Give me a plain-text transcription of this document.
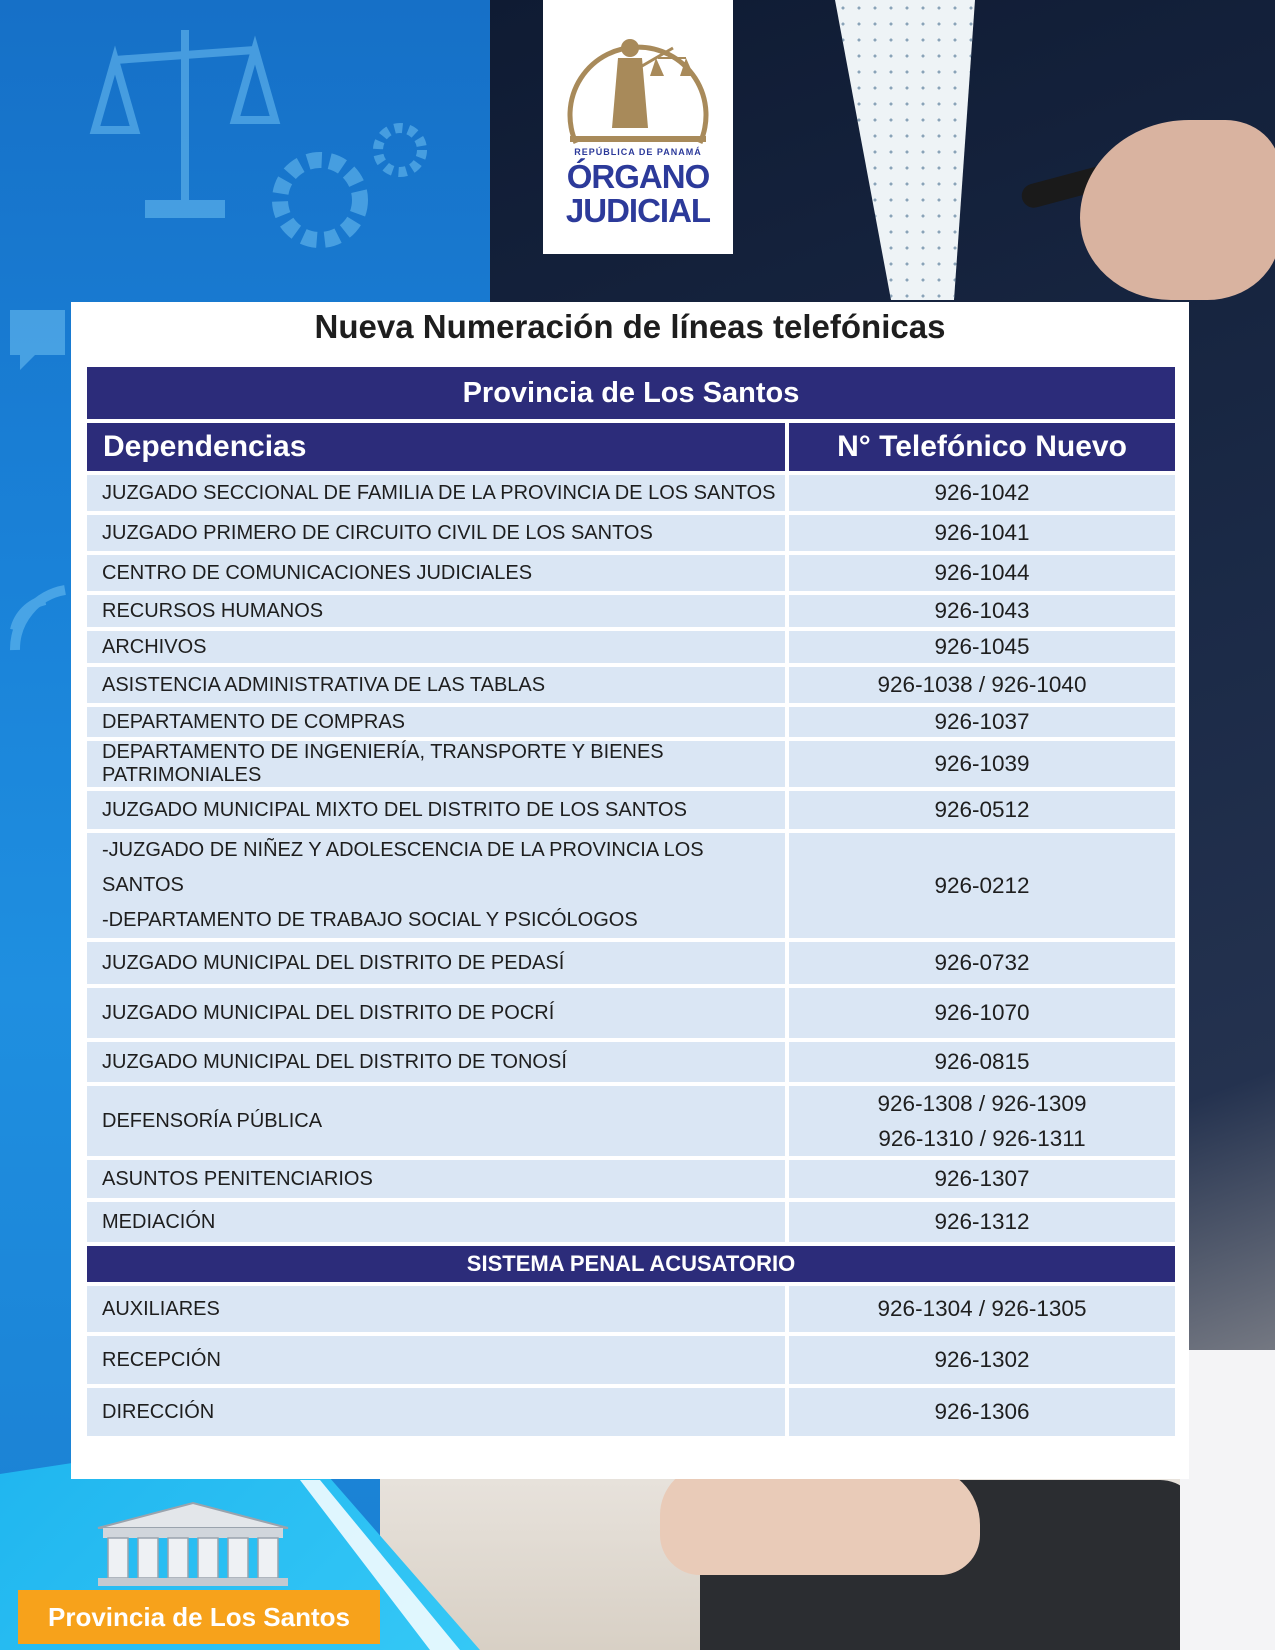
REPÚBLICA DE PANAMÁ
ÓRGANO
JUDICIAL
Nueva Numeración de líneas telefónicas
Provincia de Los Santos	
Dependencias	N° Telefónico Nuevo

JUZGADO SECCIONAL DE FAMILIA DE LA PROVINCIA DE LOS SANTOS	926-1042

JUZGADO PRIMERO DE CIRCUITO CIVIL DE LOS SANTOS	926-1041

CENTRO DE COMUNICACIONES JUDICIALES	926-1044

RECURSOS HUMANOS	926-1043

ARCHIVOS	926-1045

ASISTENCIA ADMINISTRATIVA DE LAS TABLAS	926-1038 / 926-1040

DEPARTAMENTO DE COMPRAS	926-1037

DEPARTAMENTO DE INGENIERÍA, TRANSPORTE Y BIENES PATRIMONIALES	926-1039

JUZGADO MUNICIPAL MIXTO DEL DISTRITO DE LOS SANTOS	926-0512

-JUZGADO DE NIÑEZ Y ADOLESCENCIA DE LA PROVINCIA LOS SANTOS
-DEPARTAMENTO DE TRABAJO SOCIAL Y PSICÓLOGOS	926-0212

JUZGADO MUNICIPAL DEL DISTRITO DE PEDASÍ	926-0732

JUZGADO MUNICIPAL DEL DISTRITO DE POCRÍ	926-1070

JUZGADO MUNICIPAL DEL DISTRITO DE TONOSÍ	926-0815

DEFENSORÍA PÚBLICA	926-1308 / 926-1309
926-1310 / 926-1311

ASUNTOS PENITENCIARIOS	926-1307

MEDIACIÓN	926-1312

SISTEMA PENAL ACUSATORIO	

AUXILIARES	926-1304 / 926-1305

RECEPCIÓN	926-1302

DIRECCIÓN	926-1306
Provincia de Los Santos
